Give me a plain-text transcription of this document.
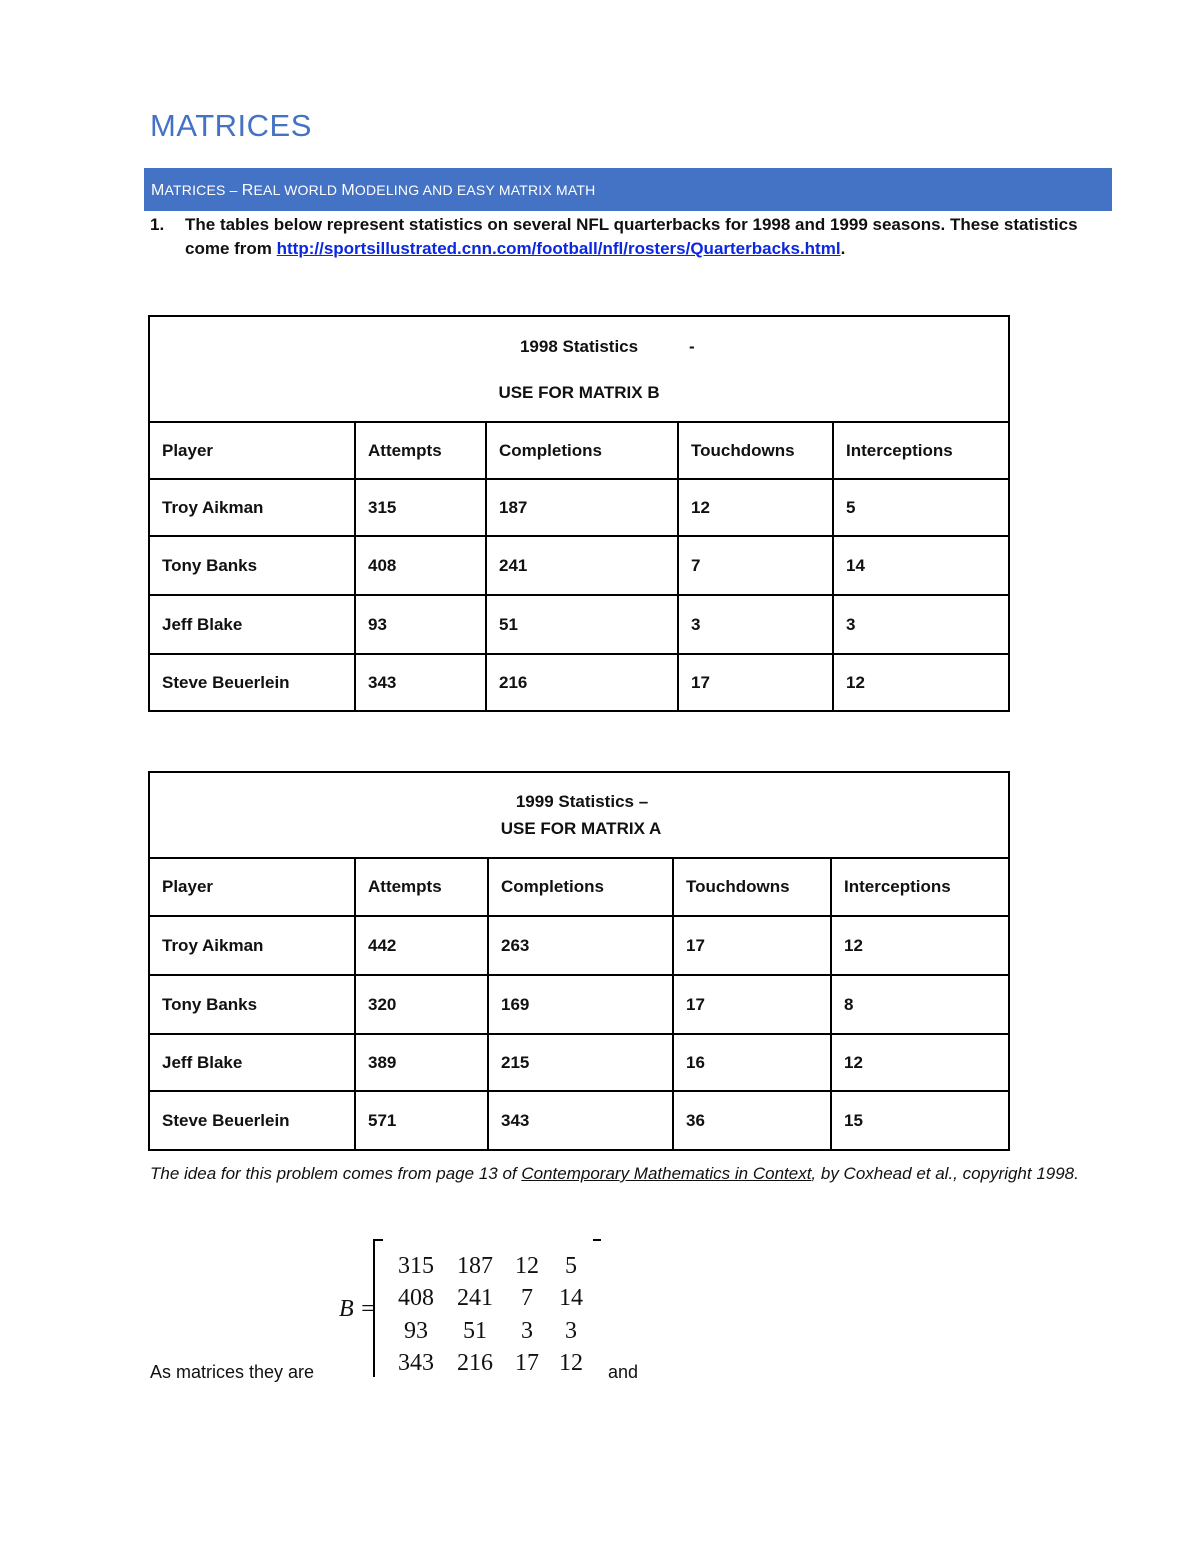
MATRICES
MATRICES – REAL WORLD MODELING AND EASY MATRIX MATH
1. The tables below represent statistics on several NFL quarterbacks for 1998 and 1999 seasons. These statistics come from http://sportsillustrated.cnn.com/football/nfl/rosters/Quarterbacks.html.
1998 Statistics -
USE FOR MATRIX B				

Player	Attempts	Completions	Touchdowns	Interceptions
Troy Aikman	315	187	12	5
Tony Banks	408	241	7	14
Jeff Blake	93	51	3	3
Steve Beuerlein	343	216	17	12
1999 Statistics –
USE FOR MATRIX A				

Player	Attempts	Completions	Touchdowns	Interceptions
Troy Aikman	442	263	17	12
Tony Banks	320	169	17	8
Jeff Blake	389	215	16	12
Steve Beuerlein	571	343	36	15
The idea for this problem comes from page 13 of Contemporary Mathematics in Context, by Coxhead et al., copyright 1998.
B =
315 187 12	5
408 241	7	14
93	51	3	3
343 216 17 12
As matrices they are	and
